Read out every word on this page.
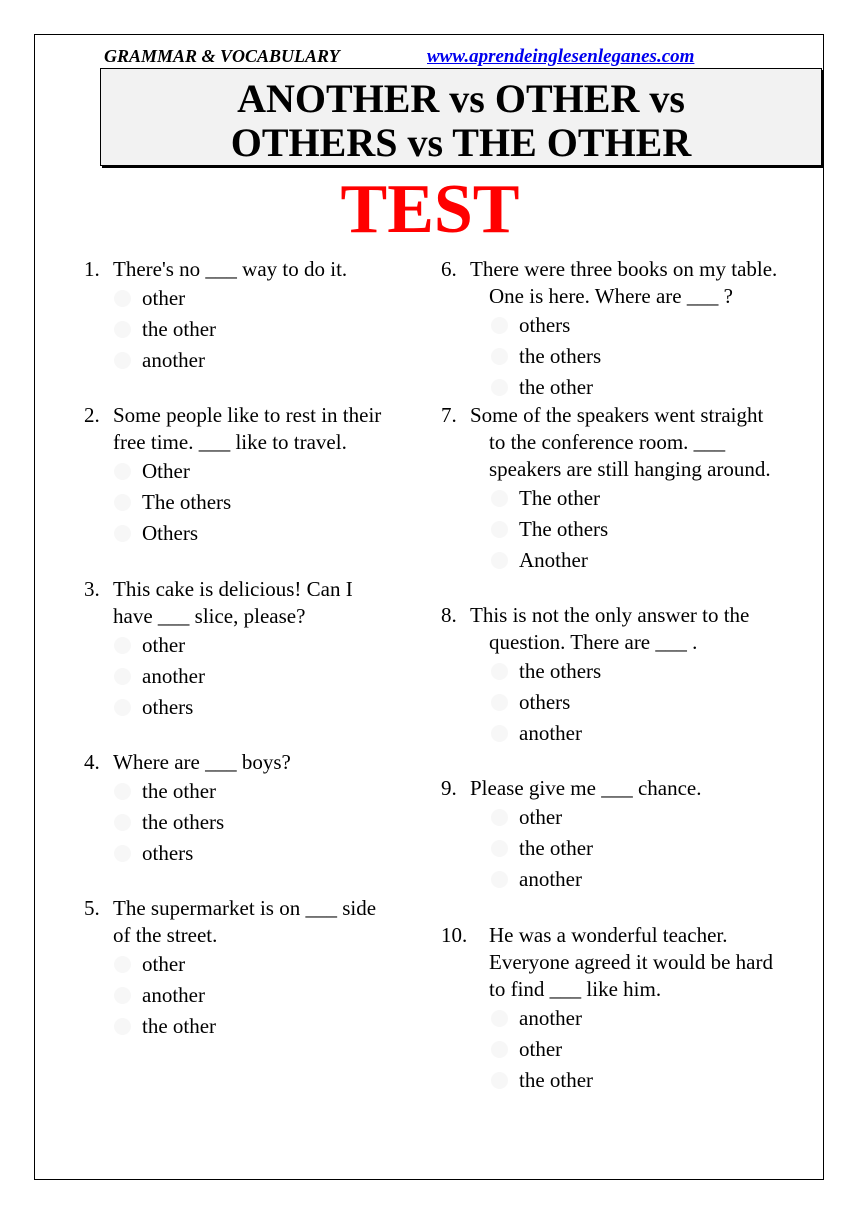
GRAMMAR & VOCABULARY	www.aprendeinglesenleganes.com
ANOTHER vs OTHER vs
OTHERS vs THE OTHER
TEST
1. There's no ___ way to do it.
other
the other
another
2. Some people like to rest in their
free time. ___ like to travel.
Other
The others
Others
3. This cake is delicious! Can I
have ___ slice, please?
other
another
others
4. Where are ___ boys?
the other
the others
others
5. The supermarket is on ___ side
of the street.
other
another
the other
6. There were three books on my table.
One is here. Where are ___ ?
others
the others
the other
7. Some of the speakers went straight
to the conference room. ___
speakers are still hanging around.
The other
The others
Another
8. This is not the only answer to the
question. There are ___ .
the others
others
another
9. Please give me ___ chance.
other
the other
another
10. He was a wonderful teacher.
Everyone agreed it would be hard
to find ___ like him.
another
other
the other
